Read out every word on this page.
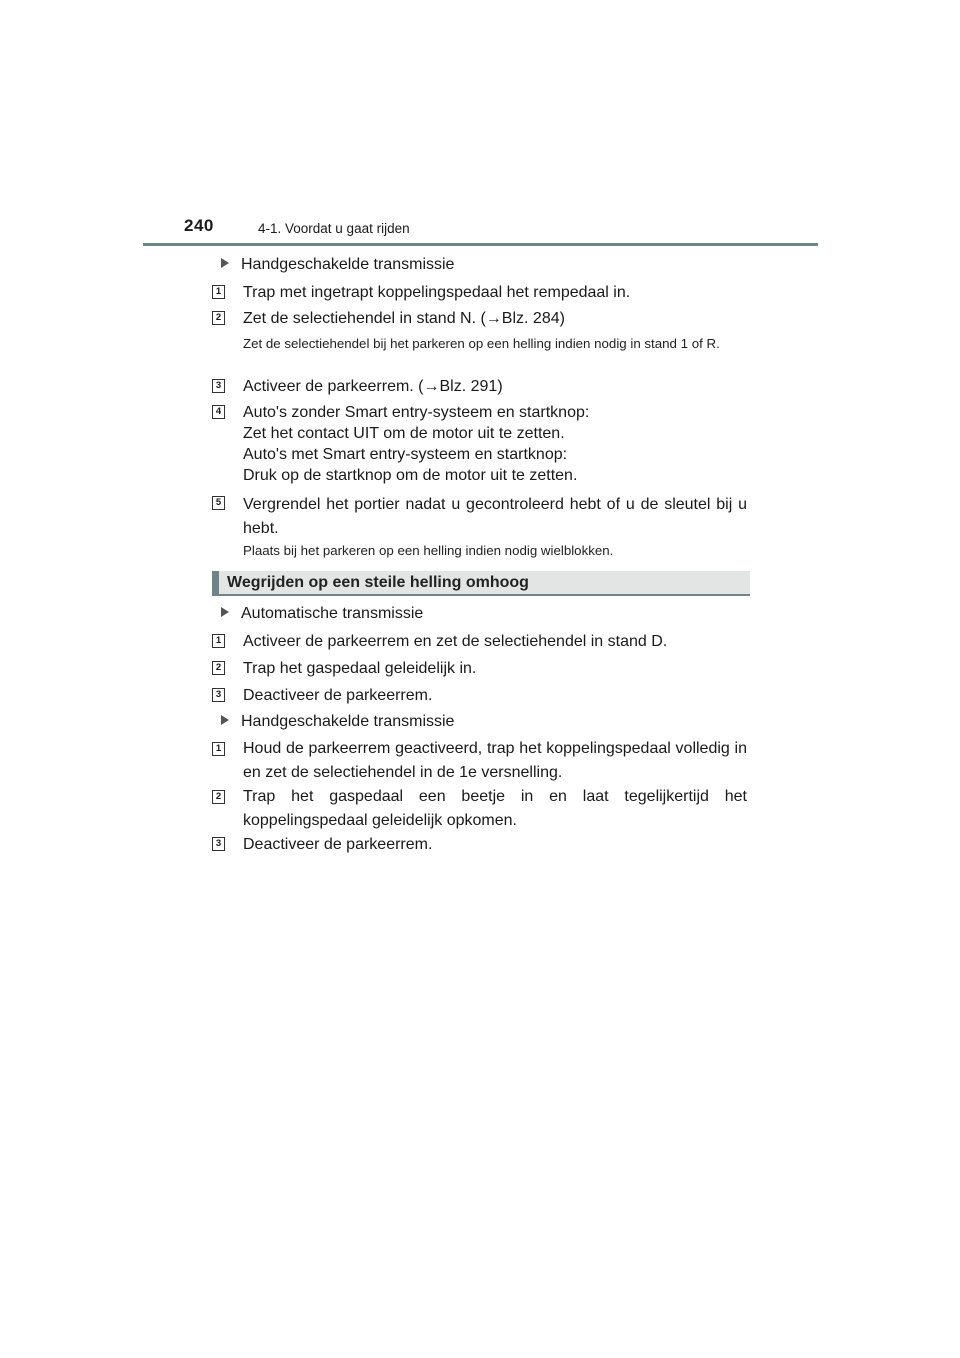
240	4-1. Voordat u gaat rijden
Handgeschakelde transmissie
1 Trap met ingetrapt koppelingspedaal het rempedaal in.
2 Zet de selectiehendel in stand N. (→Blz. 284)
Zet de selectiehendel bij het parkeren op een helling indien nodig in stand 1 of R.
3 Activeer de parkeerrem. (→Blz. 291)
4 Auto's zonder Smart entry-systeem en startknop:
Zet het contact UIT om de motor uit te zetten.
Auto's met Smart entry-systeem en startknop:
Druk op de startknop om de motor uit te zetten.
5 Vergrendel het portier nadat u gecontroleerd hebt of u de sleutel bij u hebt.
Plaats bij het parkeren op een helling indien nodig wielblokken.
Wegrijden op een steile helling omhoog
Automatische transmissie
1 Activeer de parkeerrem en zet de selectiehendel in stand D.
2 Trap het gaspedaal geleidelijk in.
3 Deactiveer de parkeerrem.
Handgeschakelde transmissie
1 Houd de parkeerrem geactiveerd, trap het koppelingspedaal volledig in en zet de selectiehendel in de 1e versnelling.
2 Trap het gaspedaal een beetje in en laat tegelijkertijd het koppelingspedaal geleidelijk opkomen.
3 Deactiveer de parkeerrem.
